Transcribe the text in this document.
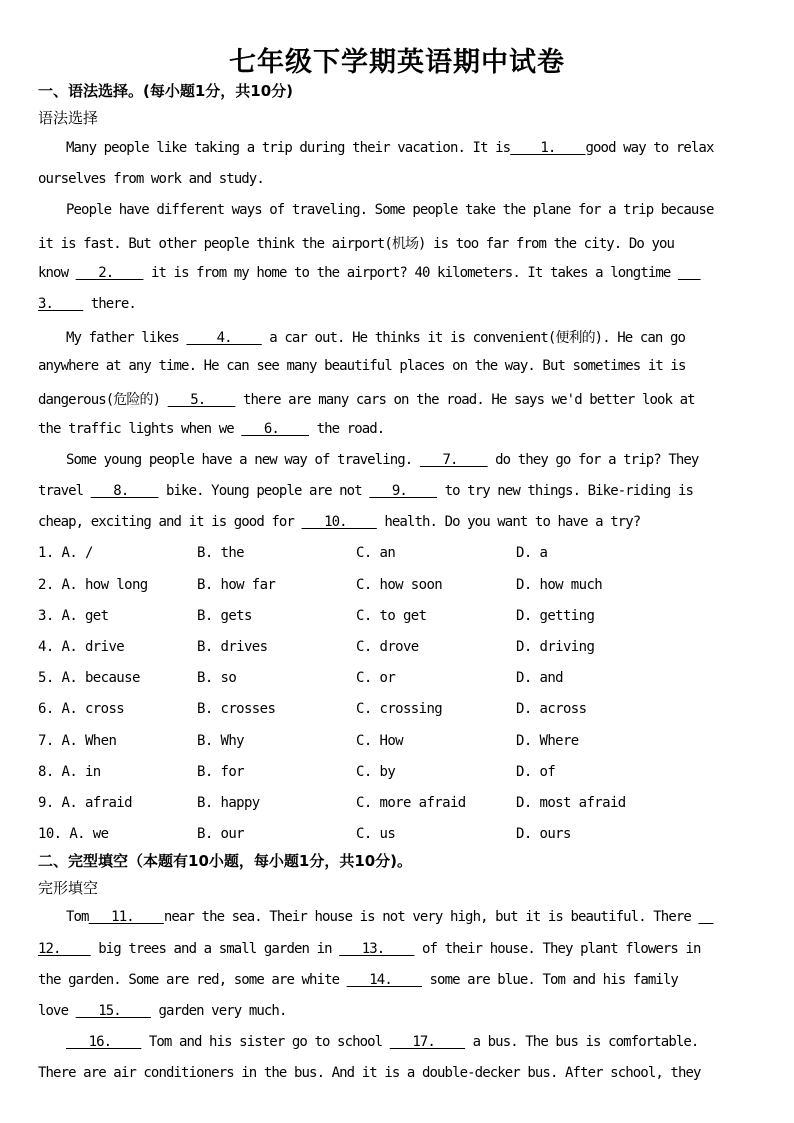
七年级下学期英语期中试卷
一、语法选择。(每小题1分，共10分)
语法选择
Many people like taking a trip during their vacation. It is    1.    good way to relax
ourselves from work and study.
People have different ways of traveling. Some people take the plane for a trip because
it is fast. But other people think the airport(机场) is too far from the city. Do you
know    2.     it is from my home to the airport? 40 kilometers. It takes a longtime
3.     there.
My father likes     4.     a car out. He thinks it is convenient(便利的). He can go
anywhere at any time. He can see many beautiful places on the way. But sometimes it is
dangerous(危险的)    5.     there are many cars on the road. He says we'd better look at
the traffic lights when we    6.     the road.
Some young people have a new way of traveling.    7.     do they go for a trip? They
travel    8.     bike. Young people are not    9.     to try new things. Bike-riding is
cheap, exciting and it is good for    10.     health. Do you want to have a try?
1. A. /	B. the	C. an	D. a
2. A. how long	B. how far	C. how soon	D. how much
3. A. get	B. gets	C. to get	D. getting
4. A. drive	B. drives	C. drove	D. driving
5. A. because	B. so	C. or	D. and
6. A. cross	B. crosses	C. crossing	D. across
7. A. When	B. Why	C. How	D. Where
8. A. in	B. for	C. by	D. of
9. A. afraid	B. happy	C. more afraid	D. most afraid
10. A. we	B. our	C. us	D. ours
二、完型填空（本题有10小题，每小题1分，共10分)。
完形填空
Tom   11.    near the sea. Their house is not very high, but it is beautiful. There
12.     big trees and a small garden in    13.     of their house. They plant flowers in
the garden. Some are red, some are white    14.     some are blue. Tom and his family
love    15.     garden very much.
16.     Tom and his sister go to school    17.     a bus. The bus is comfortable.
There are air conditioners in the bus. And it is a double-decker bus. After school, they
